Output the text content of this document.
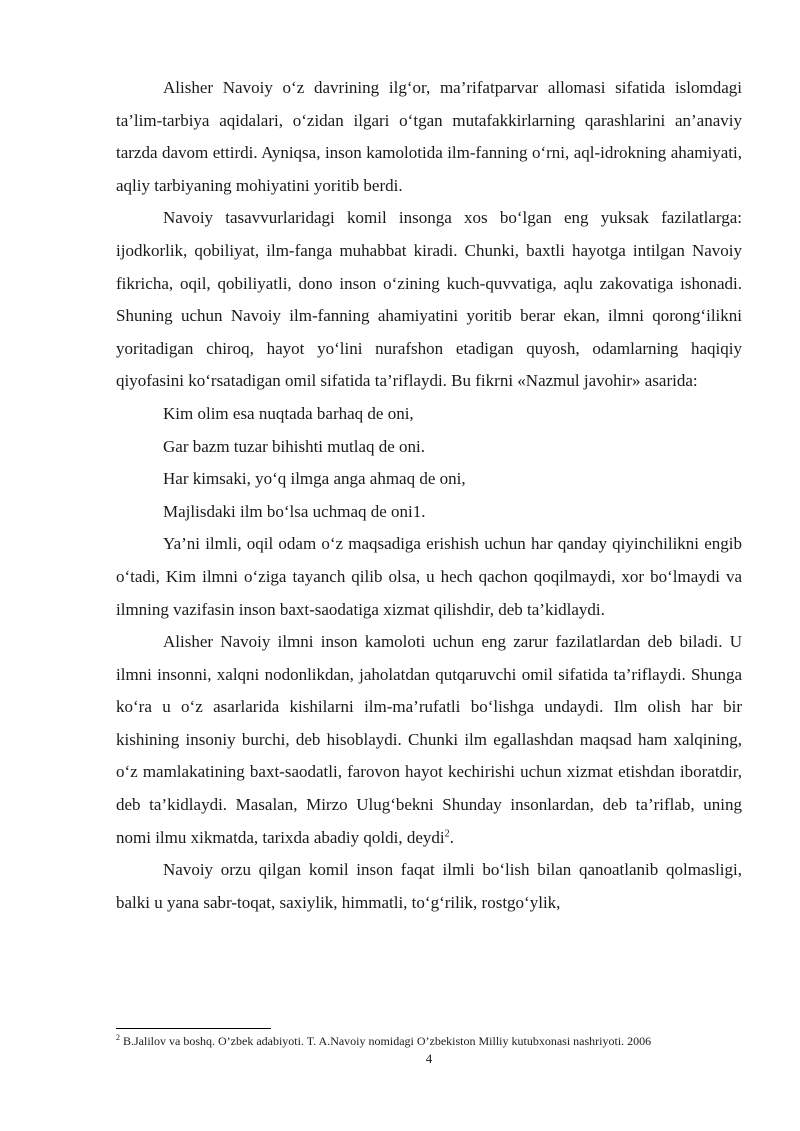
Alisher Navoiy o‘z davrining ilg‘or, ma’rifatparvar allomasi sifatida islomdagi ta’lim-tarbiya aqidalari, o‘zidan ilgari o‘tgan mutafakkirlarning qarashlarini an’anaviy tarzda davom ettirdi. Ayniqsa, inson kamolotida ilm-fanning o‘rni, aql-idrokning ahamiyati, aqliy tarbiyaning mohiyatini yoritib berdi.

Navoiy tasavvurlaridagi komil insonga xos bo‘lgan eng yuksak fazilatlarga: ijodkorlik, qobiliyat, ilm-fanga muhabbat kiradi. Chunki, baxtli hayotga intilgan Navoiy fikricha, oqil, qobiliyatli, dono inson o‘zining kuch-quvvatiga, aqlu zakovatiga ishonadi. Shuning uchun Navoiy ilm-fanning ahamiyatini yoritib berar ekan, ilmni qorong‘ilikni yoritadigan chiroq, hayot yo‘lini nurafshon etadigan quyosh, odamlarning haqiqiy qiyofasini ko‘rsatadigan omil sifatida ta’riflaydi. Bu fikrni «Nazmul javohir» asarida:

Kim olim esa nuqtada barhaq de oni,

Gar bazm tuzar bihishti mutlaq de oni.

Har kimsaki, yo‘q ilmga anga ahmaq de oni,

Majlisdaki ilm bo‘lsa uchmaq de oni1.

Ya’ni ilmli, oqil odam o‘z maqsadiga erishish uchun har qanday qiyinchilikni engib o‘tadi, Kim ilmni o‘ziga tayanch qilib olsa, u hech qachon qoqilmaydi, xor bo‘lmaydi va ilmning vazifasin inson baxt-saodatiga xizmat qilishdir, deb ta’kidlaydi.

Alisher Navoiy ilmni inson kamoloti uchun eng zarur fazilatlardan deb biladi. U ilmni insonni, xalqni nodonlikdan, jaholatdan qutqaruvchi omil sifatida ta’riflaydi. Shunga ko‘ra u o‘z asarlarida kishilarni ilm-ma’rufatli bo‘lishga undaydi. Ilm olish har bir kishining insoniy burchi, deb hisoblaydi. Chunki ilm egallashdan maqsad ham xalqining, o‘z mamlakatining baxt-saodatli, farovon hayot kechirishi uchun xizmat etishdan iboratdir, deb ta’kidlaydi. Masalan, Mirzo Ulug‘bekni Shunday insonlardan, deb ta’riflab, uning nomi ilmu xikmatda, tarixda abadiy qoldi, deydi$^2$.

Navoiy orzu qilgan komil inson faqat ilmli bo‘lish bilan qanoatlanib qolmasligi, balki u yana sabr-toqat, saxiylik, himmatli, to‘g‘rilik, rostgo‘ylik,

$^2$ B.Jalilov va boshq. O’zbek adabiyoti. T. A.Navoiy nomidagi O’zbekiston Milliy kutubxonasi nashriyoti. 2006
4
